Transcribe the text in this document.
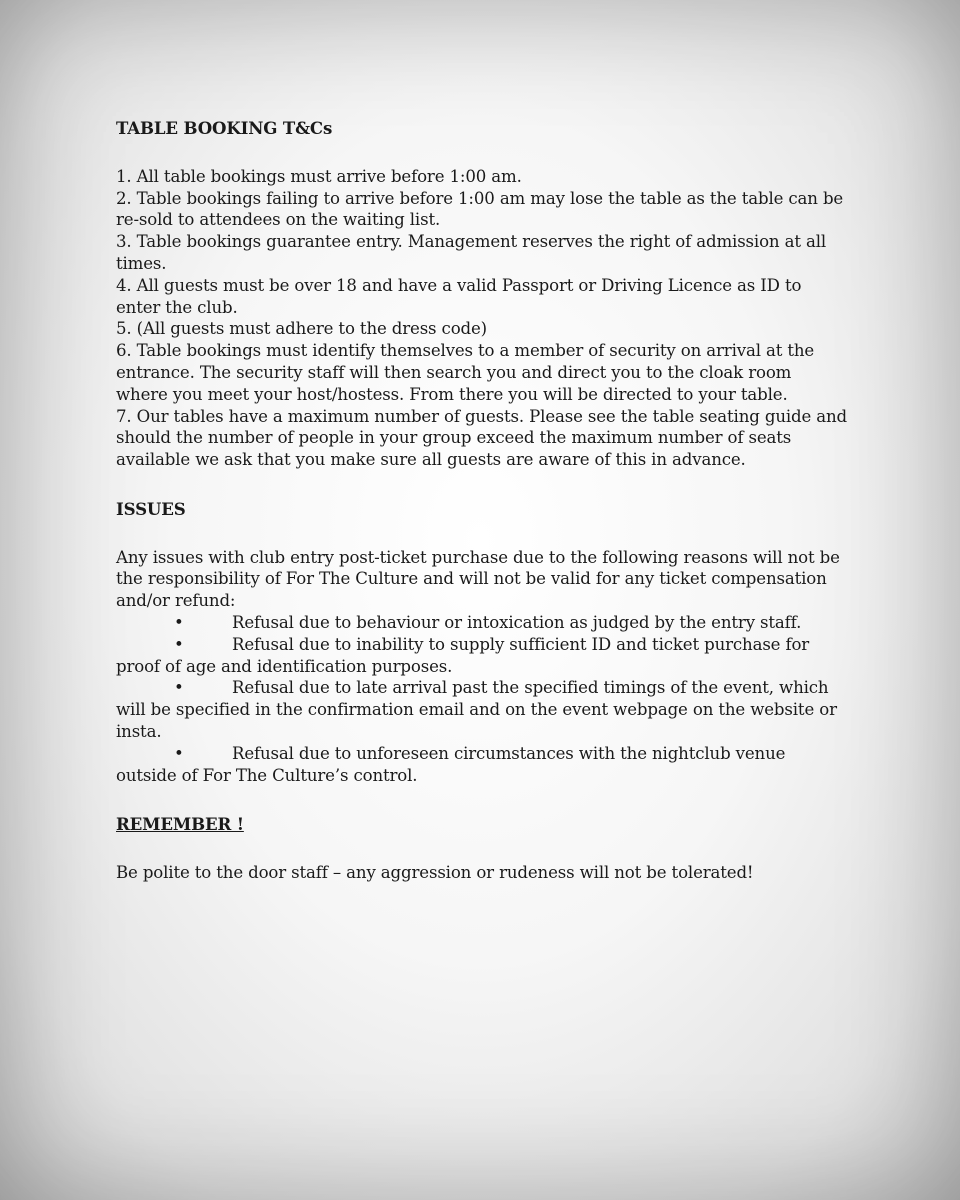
TABLE BOOKING T&Cs

1. All table bookings must arrive before 1:00 am.

2. Table bookings failing to arrive before 1:00 am may lose the table as the table can be re-sold to attendees on the waiting list.

3. Table bookings guarantee entry. Management reserves the right of admission at all times.

4. All guests must be over 18 and have a valid Passport or Driving Licence as ID to enter the club.

5. (All guests must adhere to the dress code)

6. Table bookings must identify themselves to a member of security on arrival at the entrance. The security staff will then search you and direct you to the cloak room where you meet your host/hostess. From there you will be directed to your table.

7. Our tables have a maximum number of guests. Please see the table seating guide and should the number of people in your group exceed the maximum number of seats available we ask that you make sure all guests are aware of this in advance.

ISSUES

Any issues with club entry post-ticket purchase due to the following reasons will not be the responsibility of For The Culture and will not be valid for any ticket compensation and/or refund:

•	Refusal due to behaviour or intoxication as judged by the entry staff.

•	Refusal due to inability to supply sufficient ID and ticket purchase for proof of age and identification purposes.

•	Refusal due to late arrival past the specified timings of the event, which will be specified in the confirmation email and on the event webpage on the website or insta.

•	Refusal due to unforeseen circumstances with the nightclub venue outside of For The Culture’s control.

REMEMBER !

Be polite to the door staff – any aggression or rudeness will not be tolerated!
